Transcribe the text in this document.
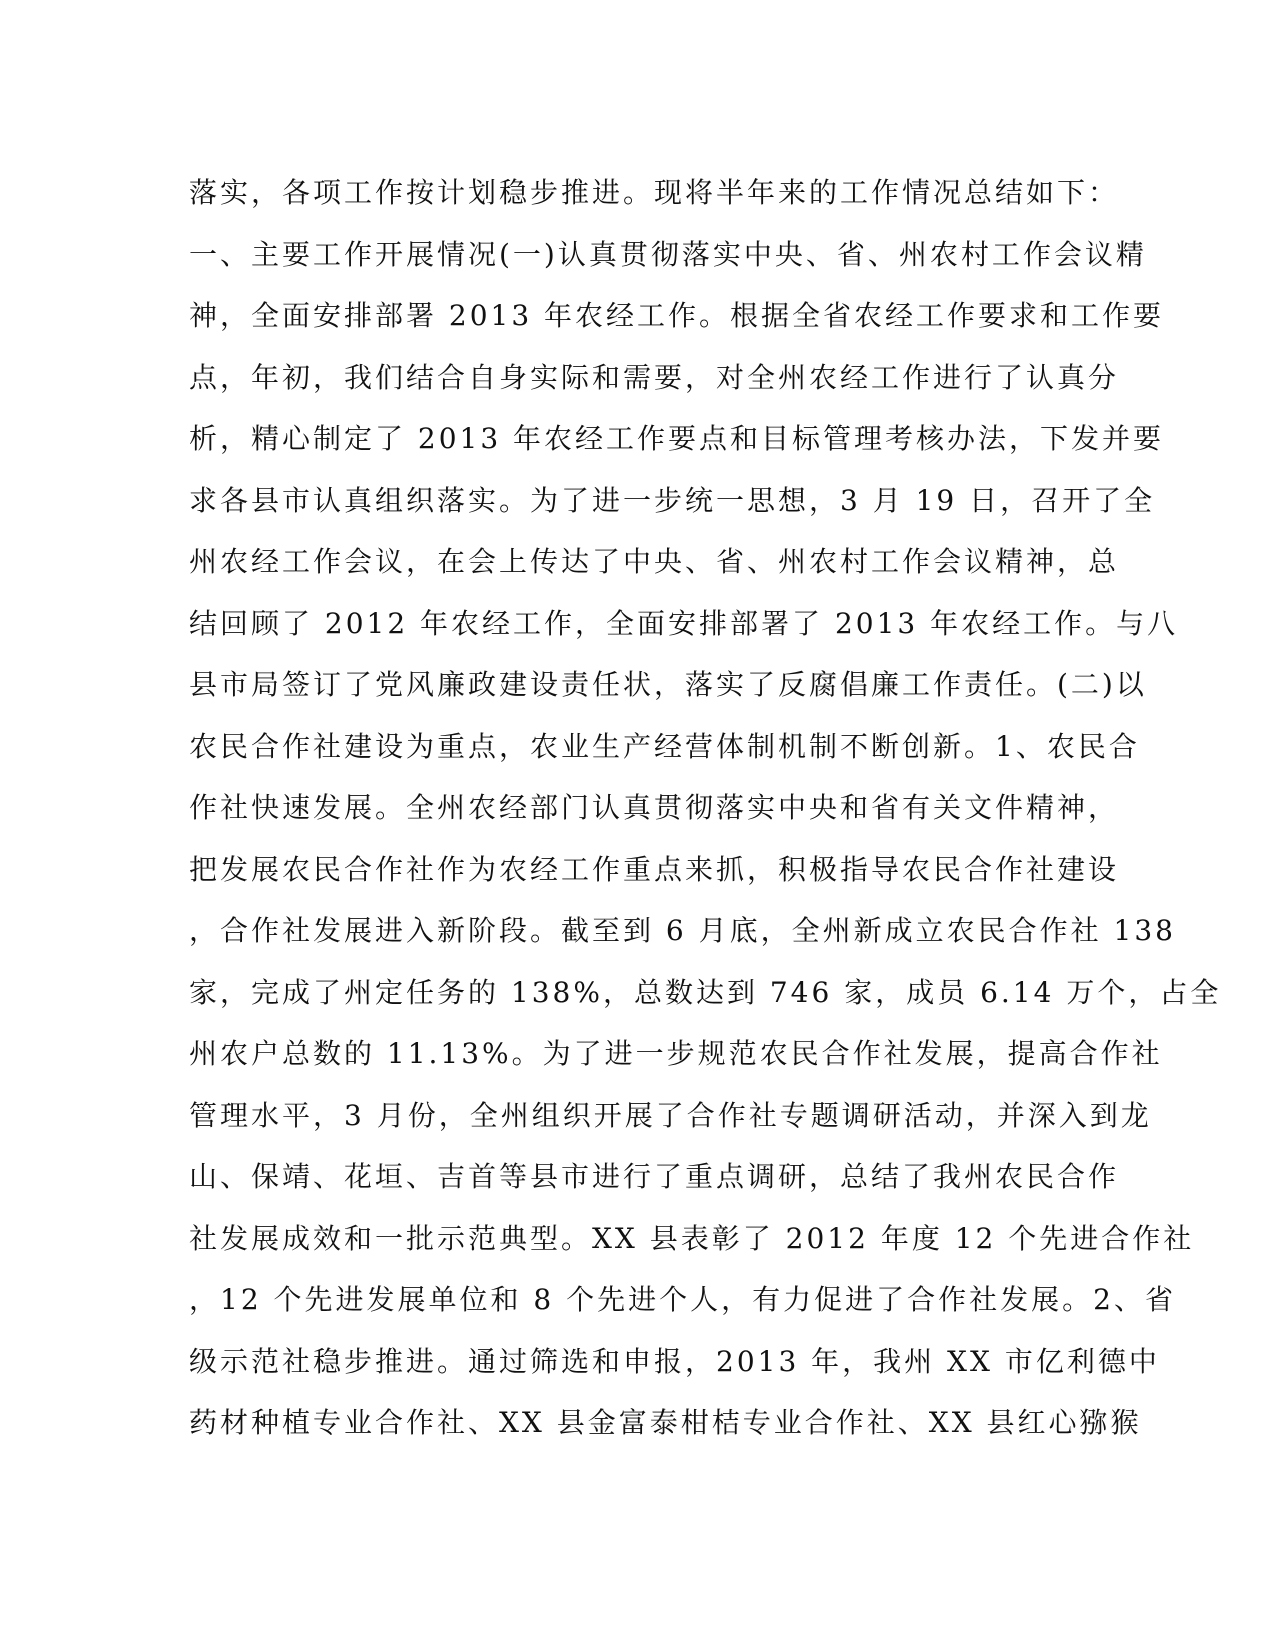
落实，各项工作按计划稳步推进。现将半年来的工作情况总结如下：
一、主要工作开展情况(一)认真贯彻落实中央、省、州农村工作会议精
神，全面安排部署 2013 年农经工作。根据全省农经工作要求和工作要
点，年初，我们结合自身实际和需要，对全州农经工作进行了认真分
析，精心制定了 2013 年农经工作要点和目标管理考核办法，下发并要
求各县市认真组织落实。为了进一步统一思想，3 月 19 日，召开了全
州农经工作会议，在会上传达了中央、省、州农村工作会议精神，总
结回顾了 2012 年农经工作，全面安排部署了 2013 年农经工作。与八
县市局签订了党风廉政建设责任状，落实了反腐倡廉工作责任。(二)以
农民合作社建设为重点，农业生产经营体制机制不断创新。1、农民合
作社快速发展。全州农经部门认真贯彻落实中央和省有关文件精神，
把发展农民合作社作为农经工作重点来抓，积极指导农民合作社建设
，合作社发展进入新阶段。截至到 6 月底，全州新成立农民合作社 138
家，完成了州定任务的 138%，总数达到 746 家，成员 6.14 万个，占全
州农户总数的 11.13%。为了进一步规范农民合作社发展，提高合作社
管理水平，3 月份，全州组织开展了合作社专题调研活动，并深入到龙
山、保靖、花垣、吉首等县市进行了重点调研，总结了我州农民合作
社发展成效和一批示范典型。XX 县表彰了 2012 年度 12 个先进合作社
，12 个先进发展单位和 8 个先进个人，有力促进了合作社发展。2、省
级示范社稳步推进。通过筛选和申报，2013 年，我州 XX 市亿利德中
药材种植专业合作社、XX 县金富泰柑桔专业合作社、XX 县红心猕猴
